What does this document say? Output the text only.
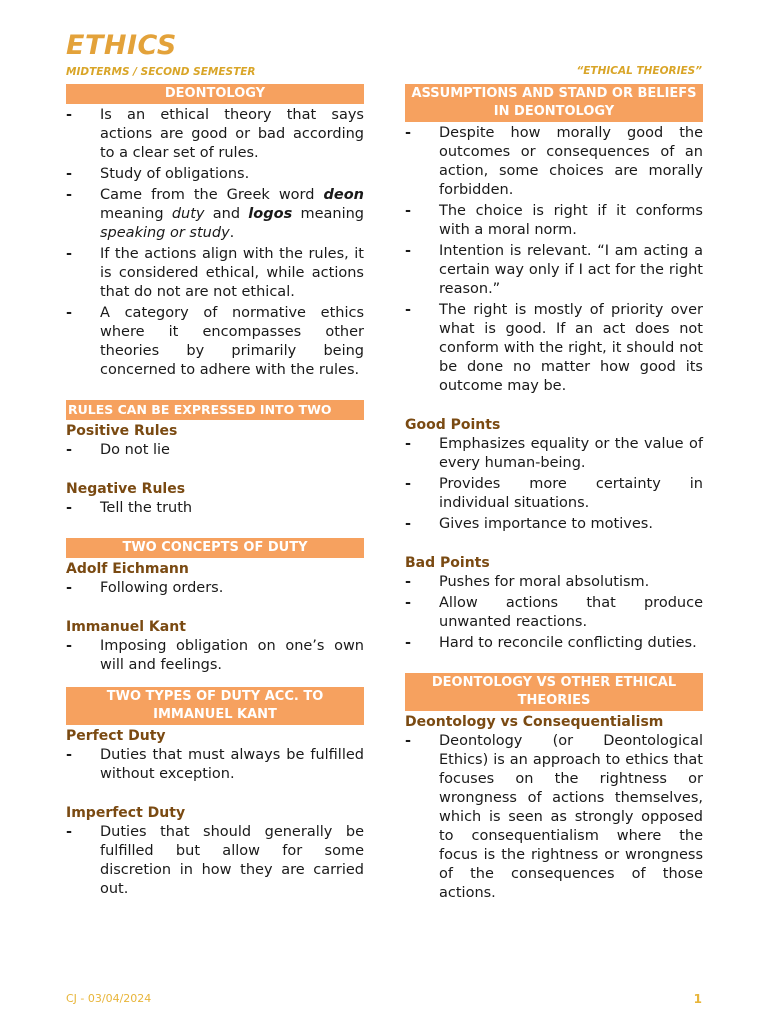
ETHICS
MIDTERMS / SECOND SEMESTER	“ETHICAL THEORIES”
DEONTOLOGY
-	Is an ethical theory that says actions are good or bad according to a clear set of rules.
-	Study of obligations.
-	Came from the Greek word deon meaning duty and logos meaning speaking or study.
-	If the actions align with the rules, it is considered ethical, while actions that do not are not ethical.
-	A category of normative ethics where it encompasses other theories by primarily being concerned to adhere with the rules.
RULES CAN BE EXPRESSED INTO TWO
Positive Rules
-	Do not lie
Negative Rules
-	Tell the truth
TWO CONCEPTS OF DUTY
Adolf Eichmann
-	Following orders.
Immanuel Kant
-	Imposing obligation on one’s own will and feelings.
TWO TYPES OF DUTY ACC. TO IMMANUEL KANT
Perfect Duty
-	Duties that must always be fulfilled without exception.
Imperfect Duty
-	Duties that should generally be fulfilled but allow for some discretion in how they are carried out.
ASSUMPTIONS AND STAND OR BELIEFS IN DEONTOLOGY
-	Despite how morally good the outcomes or consequences of an action, some choices are morally forbidden.
-	The choice is right if it conforms with a moral norm.
-	Intention is relevant. “I am acting a certain way only if I act for the right reason.”
-	The right is mostly of priority over what is good. If an act does not conform with the right, it should not be done no matter how good its outcome may be.
Good Points
-	Emphasizes equality or the value of every human-being.
-	Provides more certainty in individual situations.
-	Gives importance to motives.
Bad Points
-	Pushes for moral absolutism.
-	Allow actions that produce unwanted reactions.
-	Hard to reconcile conflicting duties.
DEONTOLOGY VS OTHER ETHICAL THEORIES
Deontology vs Consequentialism
-	Deontology (or Deontological Ethics) is an approach to ethics that focuses on the rightness or wrongness of actions themselves, which is seen as strongly opposed to consequentialism where the focus is the rightness or wrongness of the consequences of those actions.
CJ - 03/04/2024	1
